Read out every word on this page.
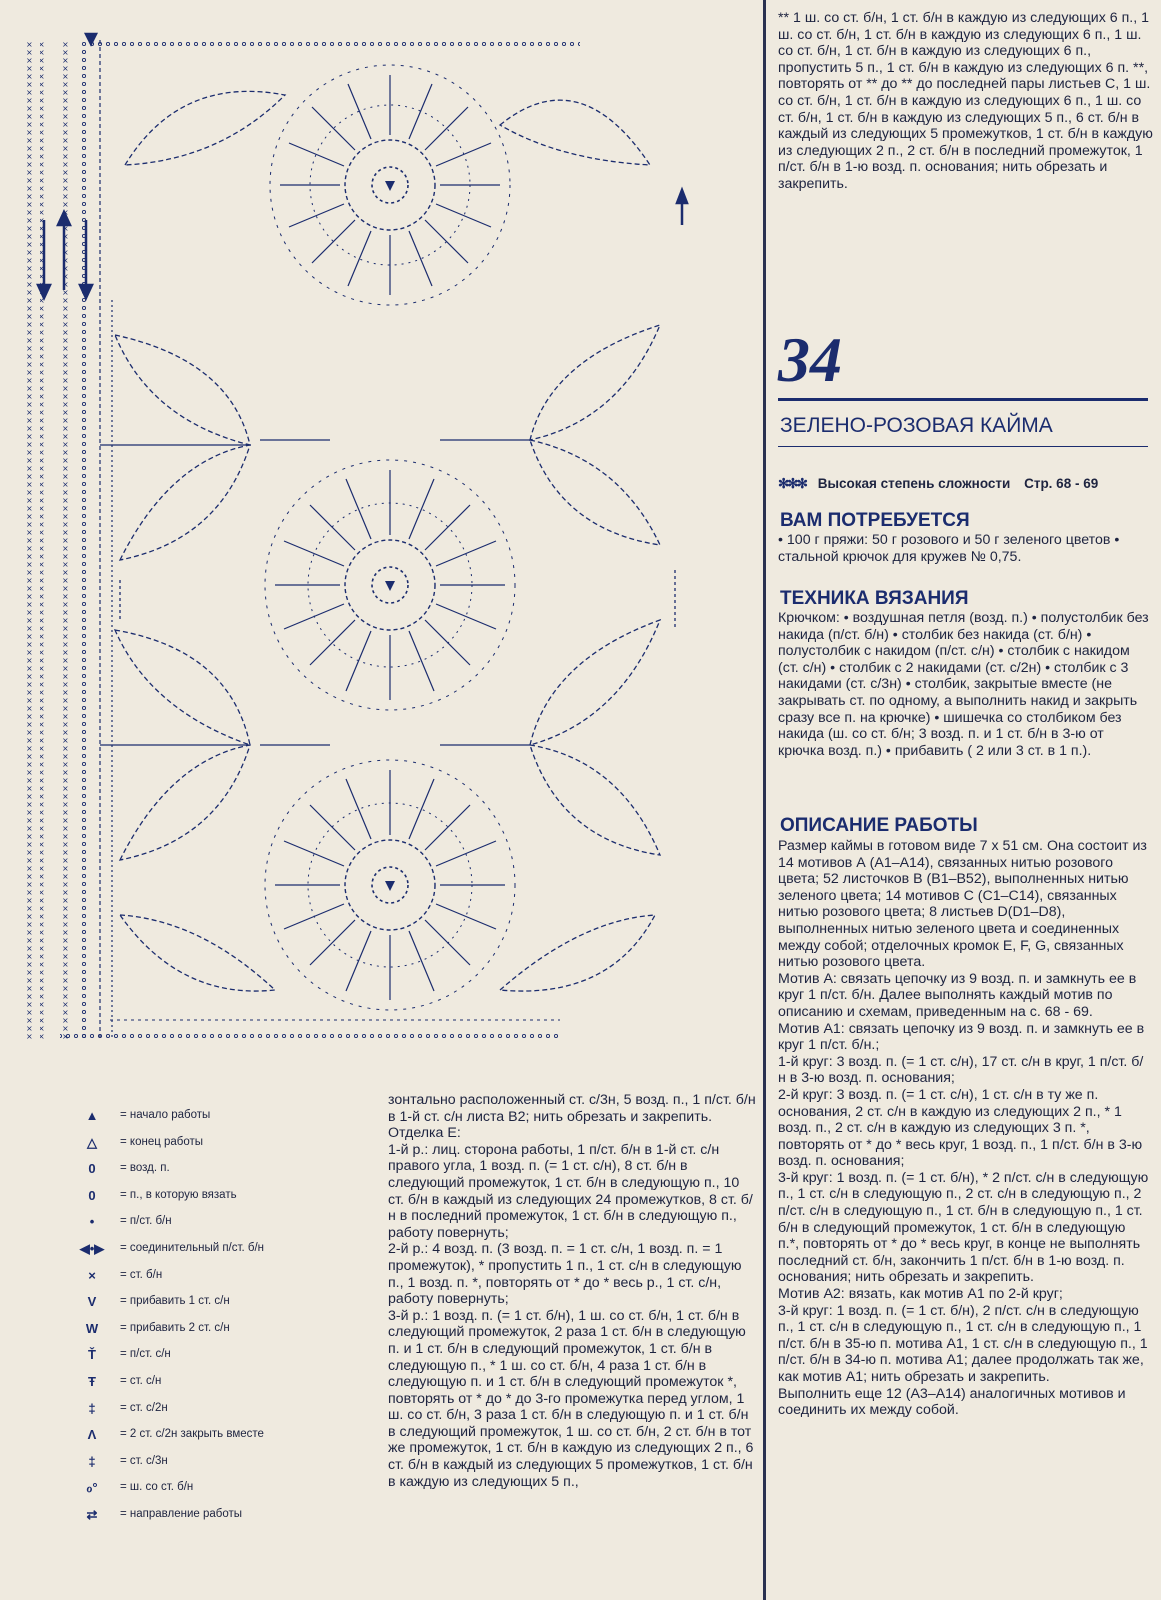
▲	= начало работы
△	= конец работы
0	= возд. п.
0	= п., в которую вязать
•	= п/ст. б/н
◀•▶	= соединительный п/ст. б/н
×	= ст. б/н
V	= прибавить 1 ст. с/н
W	= прибавить 2 ст. с/н
Ť	= п/ст. с/н
Ŧ	= ст. с/н
‡	= ст. с/2н
Λ	= 2 ст. с/2н закрыть вместе
‡	= ст. с/3н
ℴ°	= ш. со ст. б/н
⇄	= направление работы

зонтально расположенный ст. с/3н, 5 возд. п., 1 п/ст. б/н в 1-й ст. с/н листа В2; нить обрезать и закрепить.

Отделка Е:

1-й р.: лиц. сторона работы, 1 п/ст. б/н в 1-й ст. с/н правого угла, 1 возд. п. (= 1 ст. с/н), 8 ст. б/н в следующий промежуток, 1 ст. б/н в следующую п., 10 ст. б/н в каждый из следующих 24 промежутков, 8 ст. б/н в последний промежуток, 1 ст. б/н в следующую п., работу повернуть;

2-й р.: 4 возд. п. (3 возд. п. = 1 ст. с/н, 1 возд. п. = 1 промежуток), * пропустить 1 п., 1 ст. с/н в следующую п., 1 возд. п. *, повторять от * до * весь р., 1 ст. с/н, работу повернуть;

3-й р.: 1 возд. п. (= 1 ст. б/н), 1 ш. со ст. б/н, 1 ст. б/н в следующий промежуток, 2 раза 1 ст. б/н в следующую п. и 1 ст. б/н в следующий промежуток, 1 ст. б/н в следующую п., * 1 ш. со ст. б/н, 4 раза 1 ст. б/н в следующую п. и 1 ст. б/н в следующий промежуток *, повторять от * до * до 3-го промежутка перед углом, 1 ш. со ст. б/н, 3 раза 1 ст. б/н в следующую п. и 1 ст. б/н в следующий промежуток, 1 ш. со ст. б/н, 2 ст. б/н в тот же промежуток, 1 ст. б/н в каждую из следующих 2 п., 6 ст. б/н в каждый из следующих 5 промежутков, 1 ст. б/н в каждую из следующих 5 п.,

** 1 ш. со ст. б/н, 1 ст. б/н в каждую из следующих 6 п., 1 ш. со ст. б/н, 1 ст. б/н в каждую из следующих 6 п., 1 ш. со ст. б/н, 1 ст. б/н в каждую из следующих 6 п., пропустить 5 п., 1 ст. б/н в каждую из следующих 6 п. **, повторять от ** до ** до последней пары листьев С, 1 ш. со ст. б/н, 1 ст. б/н в каждую из следующих 6 п., 1 ш. со ст. б/н, 1 ст. б/н в каждую из следующих 5 п., 6 ст. б/н в каждый из следующих 5 промежутков, 1 ст. б/н в каждую из следующих 2 п., 2 ст. б/н в последний промежуток, 1 п/ст. б/н в 1-ю возд. п. основания; нить обрезать и закрепить.

34
ЗЕЛЕНО-РОЗОВАЯ КАЙМА
✻✻✻ Высокая степень сложности Стр. 68 - 69
ВАМ ПОТРЕБУЕТСЯ

• 100 г пряжи: 50 г розового и 50 г зеленого цветов • стальной крючок для кружев № 0,75.

ТЕХНИКА ВЯЗАНИЯ

Крючком: • воздушная петля (возд. п.) • полустолбик без накида (п/ст. б/н) • столбик без накида (ст. б/н) • полустолбик с накидом (п/ст. с/н) • столбик с накидом (ст. с/н) • столбик с 2 накидами (ст. с/2н) • столбик с 3 накидами (ст. с/3н) • столбик, закрытые вместе (не закрывать ст. по одному, а выполнить накид и закрыть сразу все п. на крючке) • шишечка со столбиком без накида (ш. со ст. б/н; 3 возд. п. и 1 ст. б/н в 3-ю от крючка возд. п.) • прибавить ( 2 или 3 ст. в 1 п.).

ОПИСАНИЕ РАБОТЫ

Размер каймы в готовом виде 7 х 51 см. Она состоит из 14 мотивов А (А1–А14), связанных нитью розового цвета; 52 листочков В (В1–В52), выполненных нитью зеленого цвета; 14 мотивов С (С1–С14), связанных нитью розового цвета; 8 листьев D(D1–D8), выполненных нитью зеленого цвета и соединенных между собой; отделочных кромок Е, F, G, связанных нитью розового цвета.

Мотив А: связать цепочку из 9 возд. п. и замкнуть ее в круг 1 п/ст. б/н. Далее выполнять каждый мотив по описанию и схемам, приведенным на с. 68 - 69.

Мотив А1: связать цепочку из 9 возд. п. и замкнуть ее в круг 1 п/ст. б/н.;

1-й круг: 3 возд. п. (= 1 ст. с/н), 17 ст. с/н в круг, 1 п/ст. б/н в 3-ю возд. п. основания;

2-й круг: 3 возд. п. (= 1 ст. с/н), 1 ст. с/н в ту же п. основания, 2 ст. с/н в каждую из следующих 2 п., * 1 возд. п., 2 ст. с/н в каждую из следующих 3 п. *, повторять от * до * весь круг, 1 возд. п., 1 п/ст. б/н в 3-ю возд. п. основания;

3-й круг: 1 возд. п. (= 1 ст. б/н), * 2 п/ст. с/н в следующую п., 1 ст. с/н в следующую п., 2 ст. с/н в следующую п., 2 п/ст. с/н в следующую п., 1 ст. б/н в следующую п., 1 ст. б/н в следующий промежуток, 1 ст. б/н в следующую п.*, повторять от * до * весь круг, в конце не выполнять последний ст. б/н, закончить 1 п/ст. б/н в 1-ю возд. п. основания; нить обрезать и закрепить.

Мотив А2: вязать, как мотив А1 по 2-й круг;

3-й круг: 1 возд. п. (= 1 ст. б/н), 2 п/ст. с/н в следующую п., 1 ст. с/н в следующую п., 1 ст. с/н в следующую п., 1 п/ст. б/н в 35-ю п. мотива А1, 1 ст. с/н в следующую п., 1 п/ст. б/н в 34-ю п. мотива А1; далее продолжать так же, как мотив А1; нить обрезать и закрепить.

Выполнить еще 12 (А3–А14) аналогичных мотивов и соединить их между собой.
